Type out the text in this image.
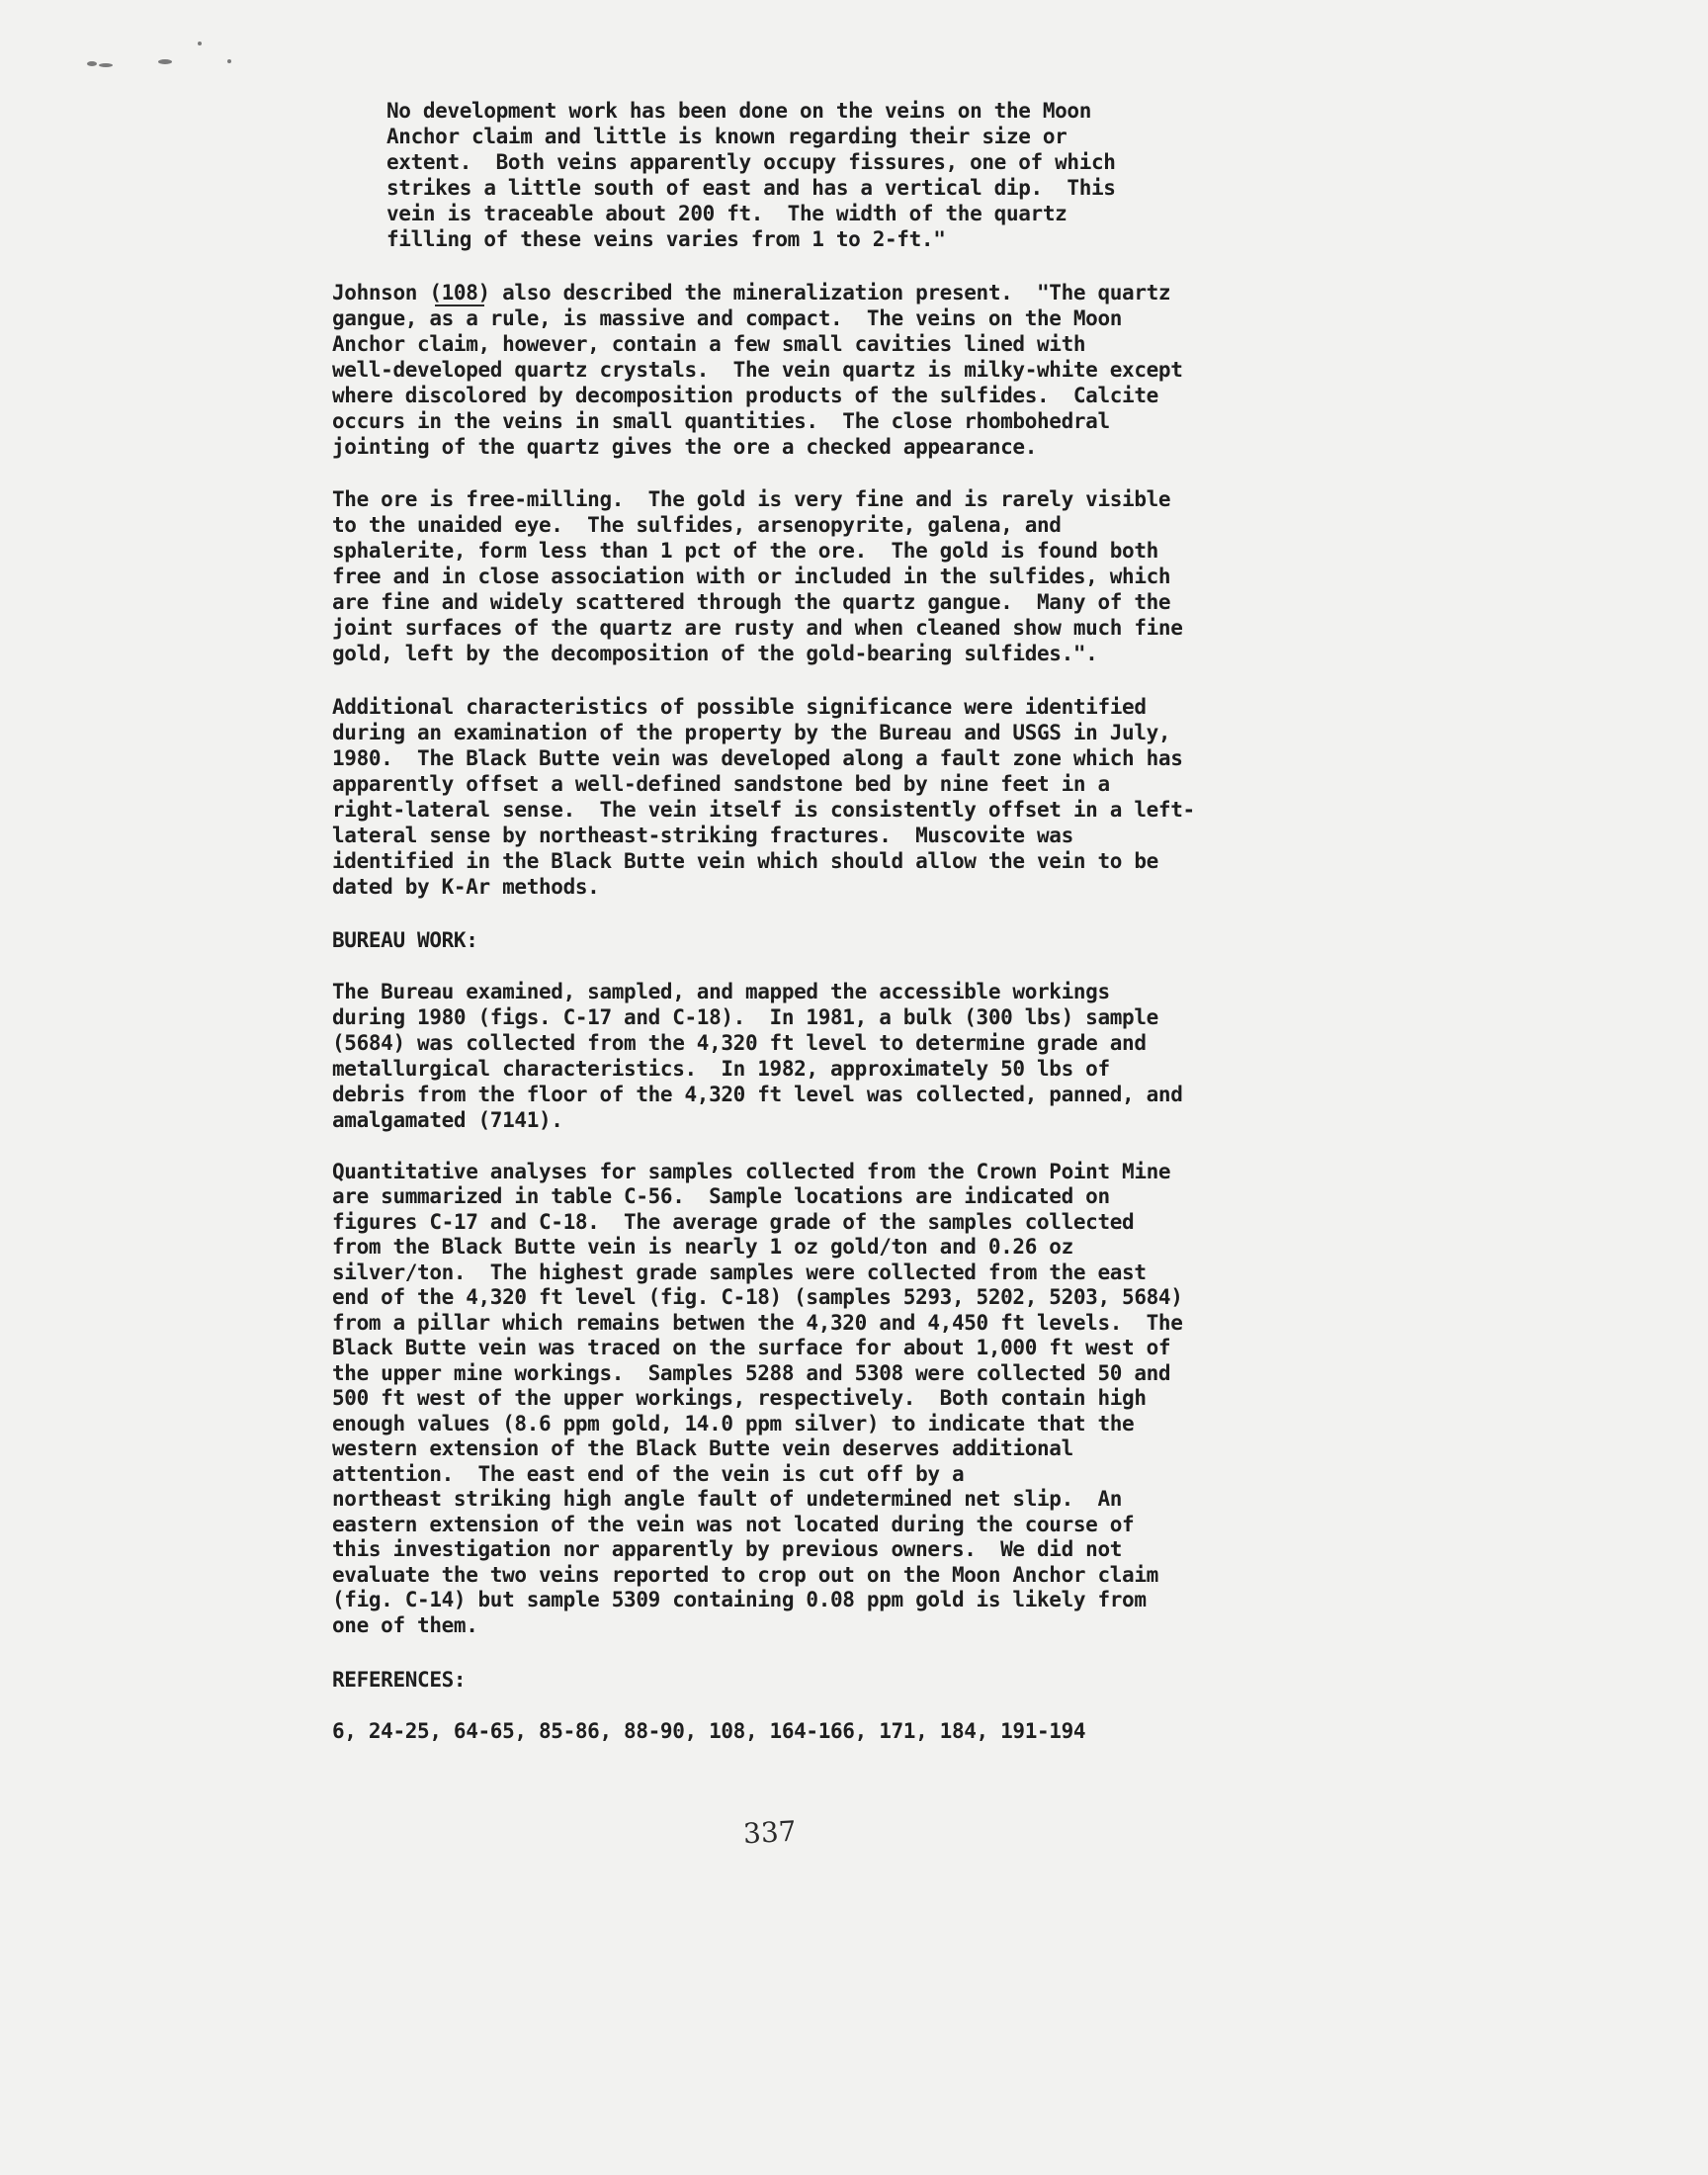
No development work has been done on the veins on the Moon
Anchor claim and little is known regarding their size or
extent.  Both veins apparently occupy fissures, one of which
strikes a little south of east and has a vertical dip.  This
vein is traceable about 200 ft.  The width of the quartz
filling of these veins varies from 1 to 2-ft."
Johnson (108) also described the mineralization present.  "The quartz
gangue, as a rule, is massive and compact.  The veins on the Moon
Anchor claim, however, contain a few small cavities lined with
well-developed quartz crystals.  The vein quartz is milky-white except
where discolored by decomposition products of the sulfides.  Calcite
occurs in the veins in small quantities.  The close rhombohedral
jointing of the quartz gives the ore a checked appearance.
The ore is free-milling.  The gold is very fine and is rarely visible
to the unaided eye.  The sulfides, arsenopyrite, galena, and
sphalerite, form less than 1 pct of the ore.  The gold is found both
free and in close association with or included in the sulfides, which
are fine and widely scattered through the quartz gangue.  Many of the
joint surfaces of the quartz are rusty and when cleaned show much fine
gold, left by the decomposition of the gold-bearing sulfides.".
Additional characteristics of possible significance were identified
during an examination of the property by the Bureau and USGS in July,
1980.  The Black Butte vein was developed along a fault zone which has
apparently offset a well-defined sandstone bed by nine feet in a
right-lateral sense.  The vein itself is consistently offset in a left-
lateral sense by northeast-striking fractures.  Muscovite was
identified in the Black Butte vein which should allow the vein to be
dated by K-Ar methods.
BUREAU WORK:
The Bureau examined, sampled, and mapped the accessible workings
during 1980 (figs. C-17 and C-18).  In 1981, a bulk (300 lbs) sample
(5684) was collected from the 4,320 ft level to determine grade and
metallurgical characteristics.  In 1982, approximately 50 lbs of
debris from the floor of the 4,320 ft level was collected, panned, and
amalgamated (7141).
Quantitative analyses for samples collected from the Crown Point Mine
are summarized in table C-56.  Sample locations are indicated on
figures C-17 and C-18.  The average grade of the samples collected
from the Black Butte vein is nearly 1 oz gold/ton and 0.26 oz
silver/ton.  The highest grade samples were collected from the east
end of the 4,320 ft level (fig. C-18) (samples 5293, 5202, 5203, 5684)
from a pillar which remains betwen the 4,320 and 4,450 ft levels.  The
Black Butte vein was traced on the surface for about 1,000 ft west of
the upper mine workings.  Samples 5288 and 5308 were collected 50 and
500 ft west of the upper workings, respectively.  Both contain high
enough values (8.6 ppm gold, 14.0 ppm silver) to indicate that the
western extension of the Black Butte vein deserves additional
attention.  The east end of the vein is cut off by a
northeast striking high angle fault of undetermined net slip.  An
eastern extension of the vein was not located during the course of
this investigation nor apparently by previous owners.  We did not
evaluate the two veins reported to crop out on the Moon Anchor claim
(fig. C-14) but sample 5309 containing 0.08 ppm gold is likely from
one of them.
REFERENCES:
6, 24-25, 64-65, 85-86, 88-90, 108, 164-166, 171, 184, 191-194
337
